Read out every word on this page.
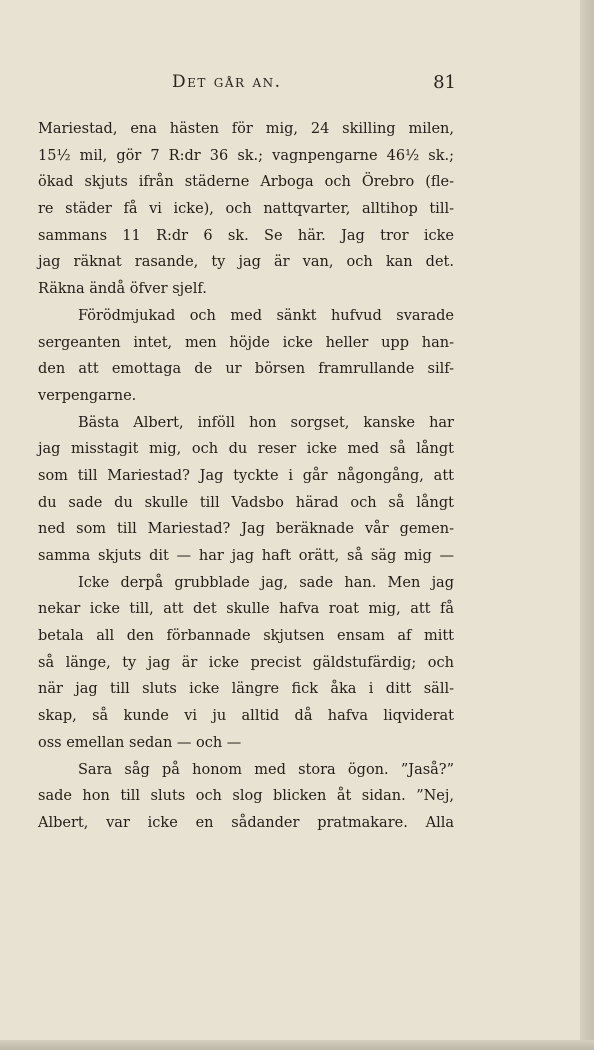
Det går an.	81
Mariestad, ena hästen för mig, 24 skilling milen,
15½ mil, gör 7 R:dr 36 sk.; vagnpengarne 46½ sk.;
ökad skjuts ifrån städerne Arboga och Örebro (fle-
re städer få vi icke), och nattqvarter, alltihop till-
sammans 11 R:dr 6 sk. Se här. Jag tror icke
jag räknat rasande, ty jag är van, och kan det.
Räkna ändå öfver sjelf.
Förödmjukad och med sänkt hufvud svarade
sergeanten intet, men höjde icke heller upp han-
den att emottaga de ur börsen framrullande silf-
verpengarne.
Bästa Albert, inföll hon sorgset, kanske har
jag misstagit mig, och du reser icke med så långt
som till Mariestad? Jag tyckte i går någongång, att
du sade du skulle till Vadsbo härad och så långt
ned som till Mariestad? Jag beräknade vår gemen-
samma skjuts dit — har jag haft orätt, så säg mig —
Icke derpå grubblade jag, sade han. Men jag
nekar icke till, att det skulle hafva roat mig, att få
betala all den förbannade skjutsen ensam af mitt
så länge, ty jag är icke precist gäldstufärdig; och
när jag till sluts icke längre fick åka i ditt säll-
skap, så kunde vi ju alltid då hafva liqviderat
oss emellan sedan — och —
Sara såg på honom med stora ögon. ”Jaså?”
sade hon till sluts och slog blicken åt sidan. ”Nej,
Albert, var icke en sådander pratmakare. Alla
